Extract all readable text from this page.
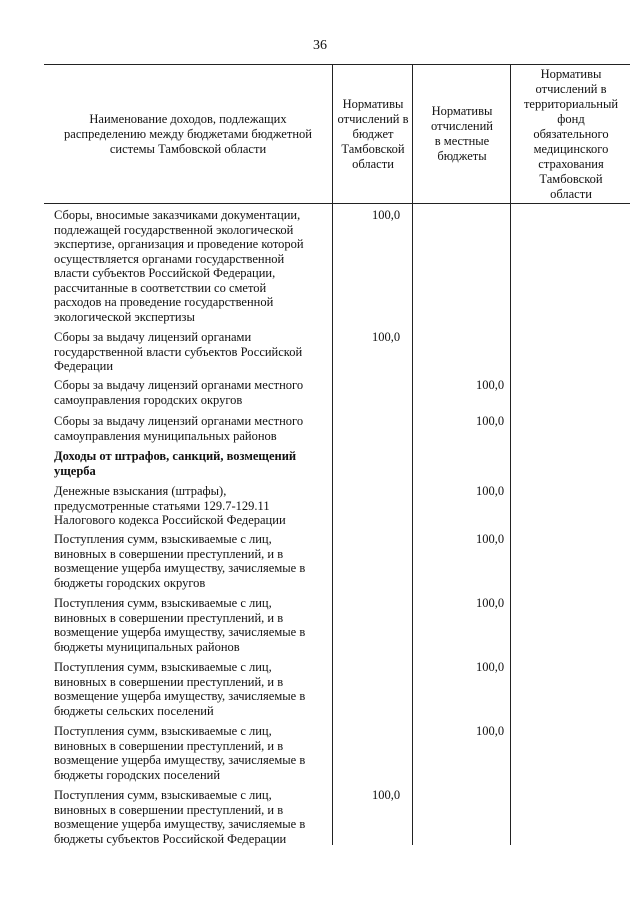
36
Наименование доходов, подлежащих распределению между бюджетами бюджетной системы Тамбовской области
Нормативы отчислений в бюджет Тамбовской области
Нормативы отчислений в местные бюджеты
Нормативы отчислений в территориальный фонд обязательного медицинского страхования Тамбовской области
Сборы, вносимые заказчиками документации, подлежащей государственной экологической экспертизе, организация и проведение которой осуществляется органами государственной власти субъектов Российской Федерации, рассчитанные в соответствии со сметой расходов на проведение государственной экологической экспертизы
100,0
Сборы за выдачу лицензий органами государственной власти субъектов Российской Федерации
100,0
Сборы за выдачу лицензий органами местного самоуправления городских округов
100,0
Сборы за выдачу лицензий органами местного самоуправления муниципальных районов
100,0
Доходы от штрафов, санкций, возмещений ущерба
Денежные взыскания (штрафы), предусмотренные статьями 129.7-129.11 Налогового кодекса Российской Федерации
100,0
Поступления сумм, взыскиваемые с лиц, виновных в совершении преступлений, и в возмещение ущерба имуществу, зачисляемые в бюджеты городских округов
100,0
Поступления сумм, взыскиваемые с лиц, виновных в совершении преступлений, и в возмещение ущерба имуществу, зачисляемые в бюджеты муниципальных районов
100,0
Поступления сумм, взыскиваемые с лиц, виновных в совершении преступлений, и в возмещение ущерба имуществу, зачисляемые в бюджеты сельских поселений
100,0
Поступления сумм, взыскиваемые с лиц, виновных в совершении преступлений, и в возмещение ущерба имуществу, зачисляемые в бюджеты городских поселений
100,0
Поступления сумм, взыскиваемые с лиц, виновных в совершении преступлений, и в возмещение ущерба имуществу, зачисляемые в бюджеты субъектов Российской Федерации
100,0
